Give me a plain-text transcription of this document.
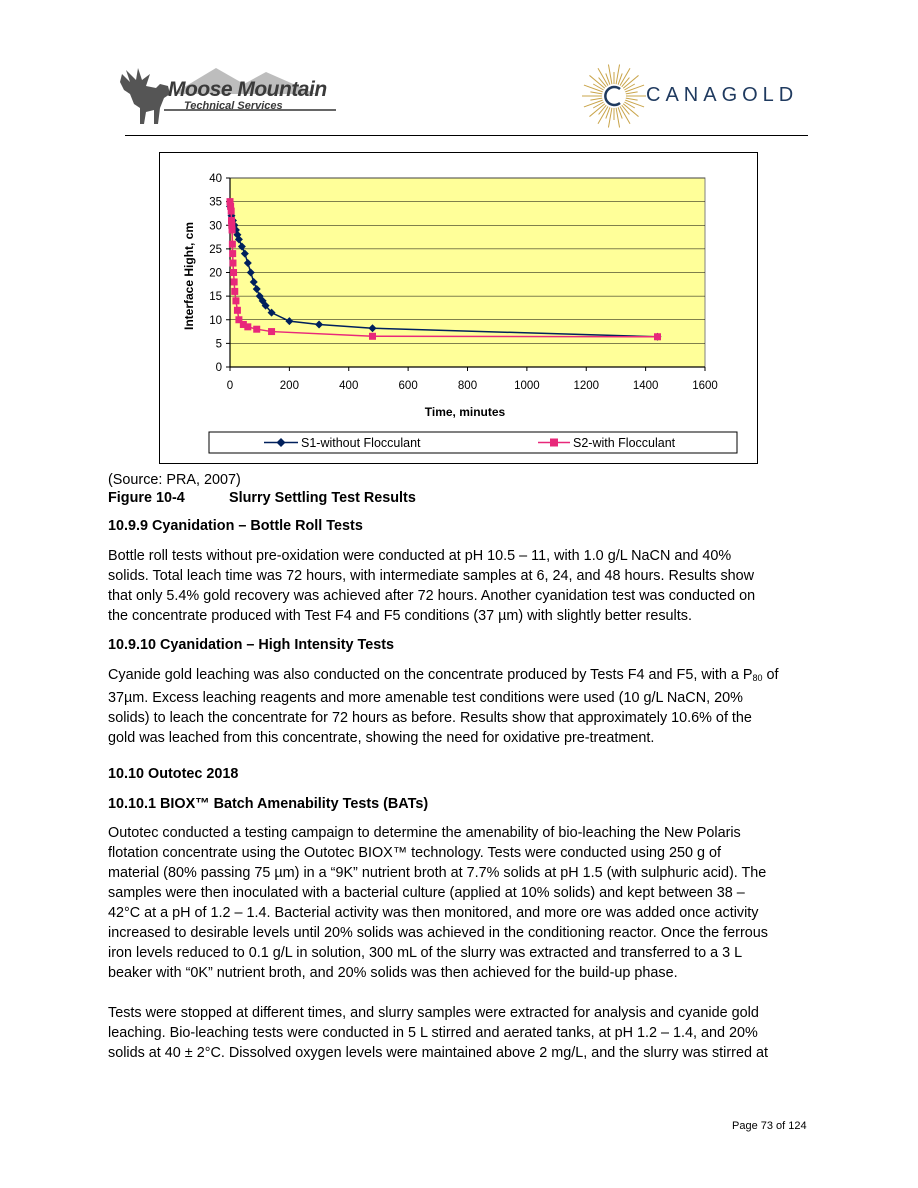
Moose Mountain
Technical Services	CANAGOLD
0
5
10
15
20
25
30
35
40
0	200	400	600	800	1000	1200	1400	1600
Interface Hight, cm
Time, minutes
S1-without Flocculant	S2-with Flocculant
(Source: PRA, 2007)
Figure 10-4	Slurry Settling Test Results
10.9.9 Cyanidation – Bottle Roll Tests
Bottle roll tests without pre-oxidation were conducted at pH 10.5 – 11, with 1.0 g/L NaCN and 40%
solids. Total leach time was 72 hours, with intermediate samples at 6, 24, and 48 hours. Results show
that only 5.4% gold recovery was achieved after 72 hours. Another cyanidation test was conducted on
the concentrate produced with Test F4 and F5 conditions (37 µm) with slightly better results.
10.9.10 Cyanidation – High Intensity Tests
Cyanide gold leaching was also conducted on the concentrate produced by Tests F4 and F5, with a $P_{80}$ of
37µm. Excess leaching reagents and more amenable test conditions were used (10 g/L NaCN, 20%
solids) to leach the concentrate for 72 hours as before. Results show that approximately 10.6% of the
gold was leached from this concentrate, showing the need for oxidative pre-treatment.
10.10 Outotec 2018
10.10.1 BIOX™ Batch Amenability Tests (BATs)
Outotec conducted a testing campaign to determine the amenability of bio-leaching the New Polaris
flotation concentrate using the Outotec BIOX™ technology. Tests were conducted using 250 g of
material (80% passing 75 µm) in a “9K” nutrient broth at 7.7% solids at pH 1.5 (with sulphuric acid). The
samples were then inoculated with a bacterial culture (applied at 10% solids) and kept between 38 –
42°C at a pH of 1.2 – 1.4. Bacterial activity was then monitored, and more ore was added once activity
increased to desirable levels until 20% solids was achieved in the conditioning reactor. Once the ferrous
iron levels reduced to 0.1 g/L in solution, 300 mL of the slurry was extracted and transferred to a 3 L
beaker with “0K” nutrient broth, and 20% solids was then achieved for the build-up phase.
Tests were stopped at different times, and slurry samples were extracted for analysis and cyanide gold
leaching. Bio-leaching tests were conducted in 5 L stirred and aerated tanks, at pH 1.2 – 1.4, and 20%
solids at 40 ± 2°C. Dissolved oxygen levels were maintained above 2 mg/L, and the slurry was stirred at
Page 73 of 124
